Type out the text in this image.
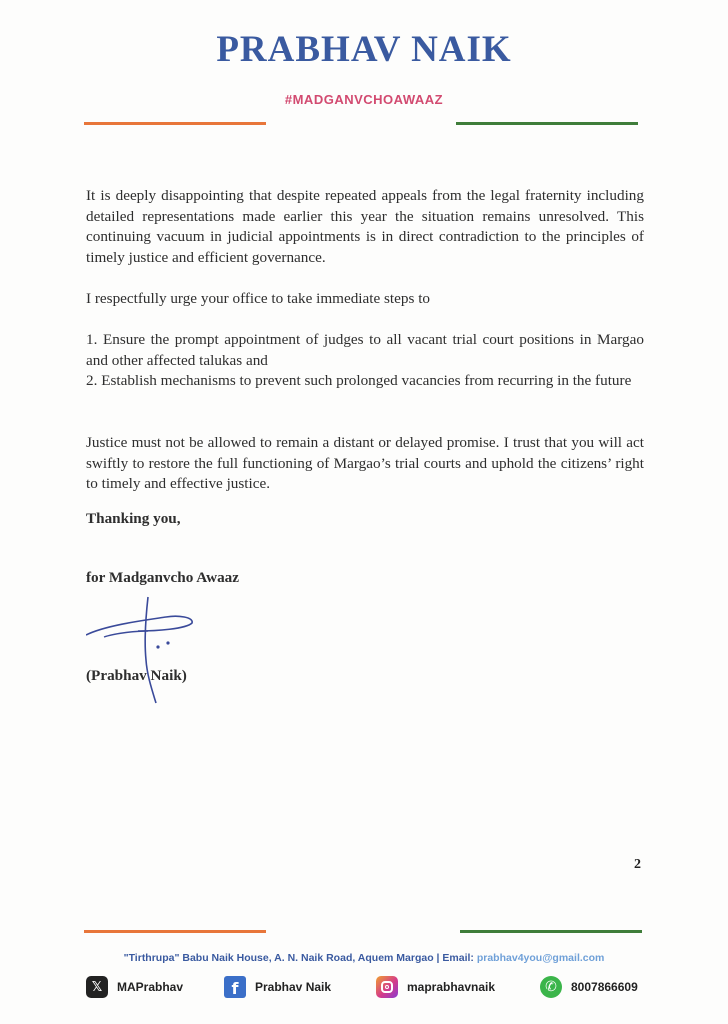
PRABHAV NAIK
#MADGANVCHOAWAAZ
It is deeply disappointing that despite repeated appeals from the legal fraternity including detailed representations made earlier this year the situation remains unresolved. This continuing vacuum in judicial appointments is in direct contradiction to the principles of timely justice and efficient governance.
I respectfully urge your office to take immediate steps to
1. Ensure the prompt appointment of judges to all vacant trial court positions in Margao and other affected talukas and
2. Establish mechanisms to prevent such prolonged vacancies from recurring in the future
Justice must not be allowed to remain a distant or delayed promise. I trust that you will act swiftly to restore the full functioning of Margao’s trial courts and uphold the citizens’ right to timely and effective justice.
Thanking you,
for Madganvcho Awaaz
(Prabhav Naik)
2
"Tirthrupa" Babu Naik House, A. N. Naik Road, Aquem Margao | Email: prabhav4you@gmail.com
𝕏	MAPrabhav	f	Prabhav Naik	maprabhavnaik	✆	8007866609
